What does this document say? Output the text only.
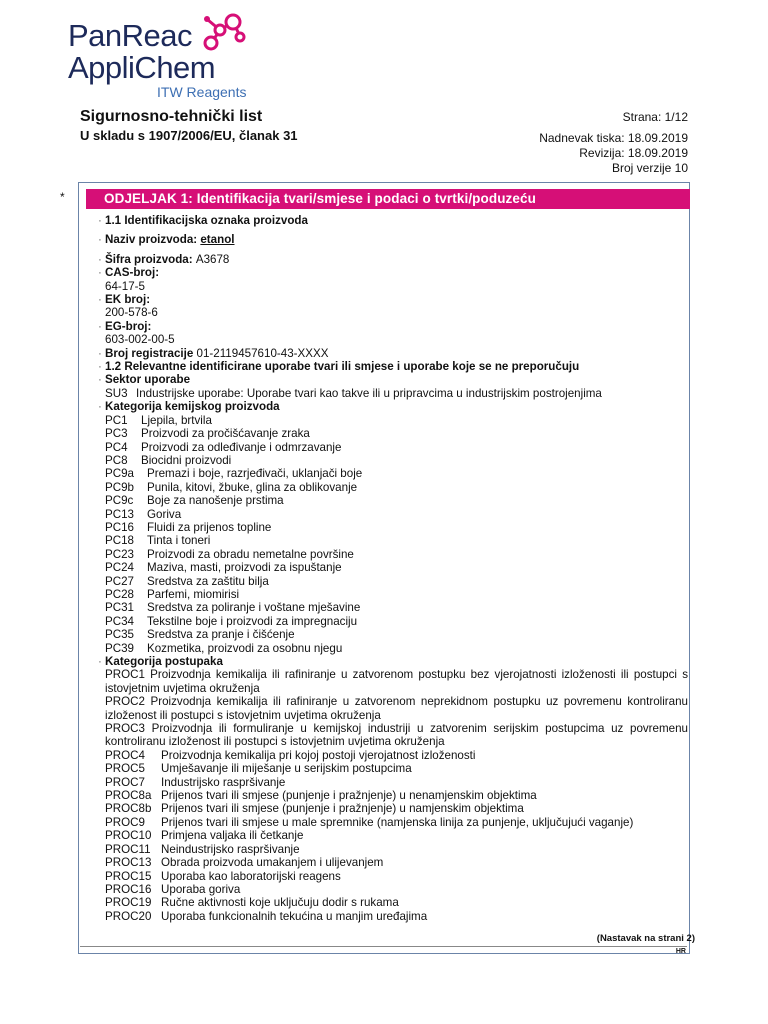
PanReac
AppliChem
ITW Reagents
Sigurnosno-tehnički list
U skladu s 1907/2006/EU, članak 31
Strana: 1/12
Nadnevak tiska: 18.09.2019
Revizija: 18.09.2019
Broj verzije 10
*	ODJELJAK 1: Identifikacija tvari/smjese i podaci o tvrtki/poduzeću
· 1.1 Identifikacijska oznaka proizvoda
· Naziv proizvoda:
etanol
· Šifra proizvoda:
A3678
· CAS-broj:
64-17-5
· EK broj:
200-578-6
· EG-broj:
603-002-00-5
· Broj registracije
01-2119457610-43-XXXX
· 1.2 Relevantne identificirane uporabe tvari ili smjese i uporabe koje se ne preporučuju
· Sektor uporabe
SU3 Industrijske uporabe: Uporabe tvari kao takve ili u pripravcima u industrijskim postrojenjima
· Kategorija kemijskog proizvoda
PC1 Ljepila, brtvila
PC3 Proizvodi za pročišćavanje zraka
PC4 Proizvodi za odleđivanje i odmrzavanje
PC8 Biocidni proizvodi
PC9a Premazi i boje, razrjeđivači, uklanjači boje
PC9b Punila, kitovi, žbuke, glina za oblikovanje
PC9c Boje za nanošenje prstima
PC13 Goriva
PC16 Fluidi za prijenos topline
PC18 Tinta i toneri
PC23 Proizvodi za obradu nemetalne površine
PC24 Maziva, masti, proizvodi za ispuštanje
PC27 Sredstva za zaštitu bilja
PC28 Parfemi, miomirisi
PC31 Sredstva za poliranje i voštane mješavine
PC34 Tekstilne boje i proizvodi za impregnaciju
PC35 Sredstva za pranje i čišćenje
PC39 Kozmetika, proizvodi za osobnu njegu
· Kategorija postupaka
PROC1 Proizvodnja kemikalija ili rafiniranje u zatvorenom postupku bez vjerojatnosti izloženosti ili postupci s istovjetnim uvjetima okruženja
PROC2 Proizvodnja kemikalija ili rafiniranje u zatvorenom neprekidnom postupku uz povremenu kontroliranu izloženost ili postupci s istovjetnim uvjetima okruženja
PROC3 Proizvodnja ili formuliranje u kemijskoj industriji u zatvorenim serijskim postupcima uz povremenu kontroliranu izloženost ili postupci s istovjetnim uvjetima okruženja
PROC4 Proizvodnja kemikalija pri kojoj postoji vjerojatnost izloženosti
PROC5 Umješavanje ili miješanje u serijskim postupcima
PROC7 Industrijsko raspršivanje
PROC8a Prijenos tvari ili smjese (punjenje i pražnjenje) u nenamjenskim objektima
PROC8b Prijenos tvari ili smjese (punjenje i pražnjenje) u namjenskim objektima
PROC9 Prijenos tvari ili smjese u male spremnike (namjenska linija za punjenje, uključujući vaganje)
PROC10 Primjena valjaka ili četkanje
PROC11 Neindustrijsko raspršivanje
PROC13 Obrada proizvoda umakanjem i ulijevanjem
PROC15 Uporaba kao laboratorijski reagens
PROC16 Uporaba goriva
PROC19 Ručne aktivnosti koje uključuju dodir s rukama
PROC20 Uporaba funkcionalnih tekućina u manjim uređajima
(Nastavak na strani 2)
HR
